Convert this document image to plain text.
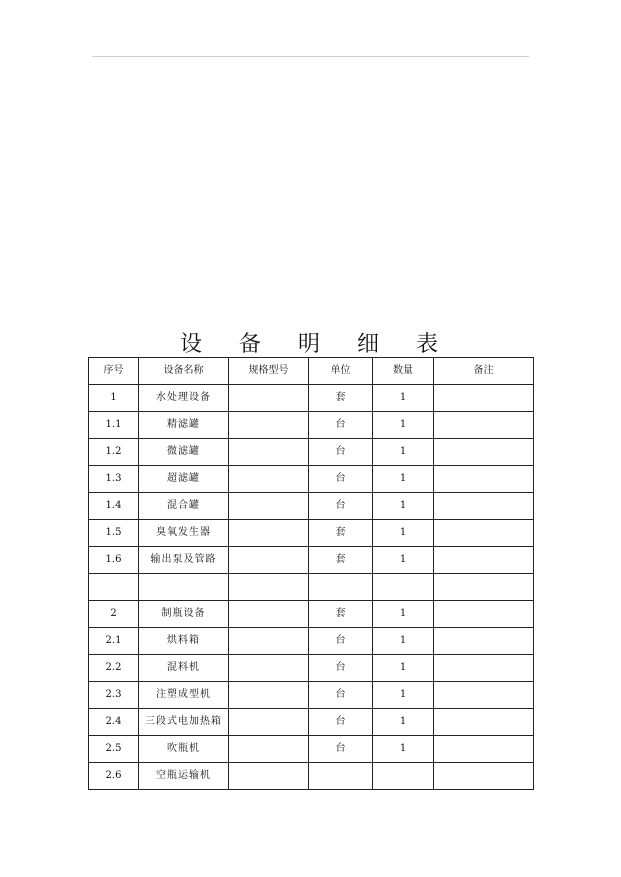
设 备 明 细 表
序号	设备名称	规格型号	单位	数量	备注
1	水处理设备		套	1	
1.1	精滤罐		台	1	
1.2	微滤罐		台	1	
1.3	超滤罐		台	1	
1.4	混合罐		台	1	
1.5	臭氧发生器		套	1	
1.6	输出泵及管路		套	1	

2	制瓶设备		套	1	
2.1	烘料箱		台	1	
2.2	混料机		台	1	
2.3	注塑成型机		台	1	
2.4	三段式电加热箱		台	1	
2.5	吹瓶机		台	1	
2.6	空瓶运输机				
